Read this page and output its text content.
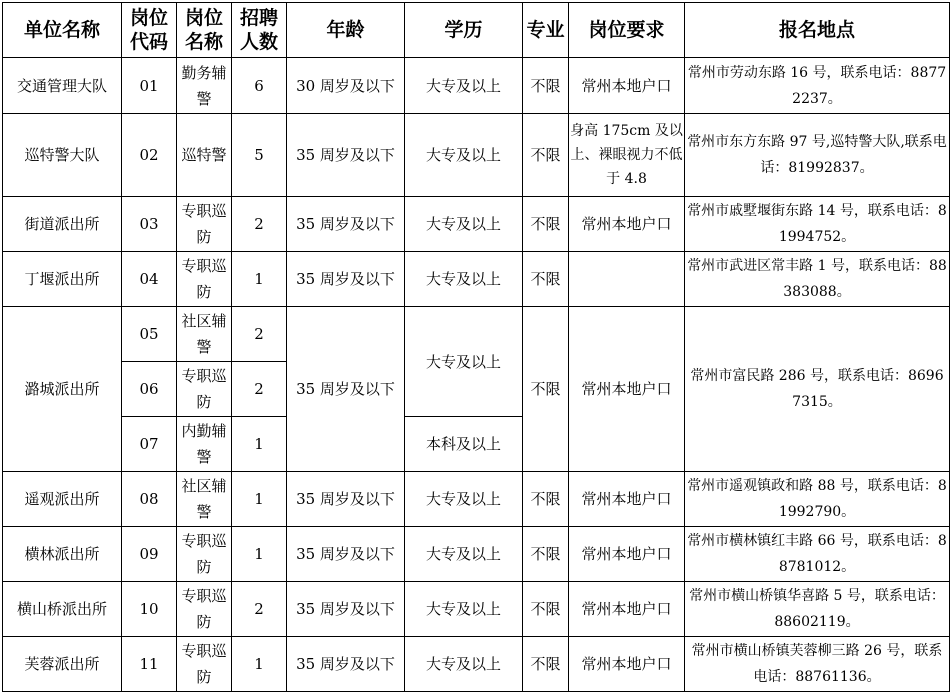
单位名称	岗位代码	岗位名称	招聘人数	年龄	学历	专业	岗位要求	报名地点
交通管理大队	01	勤务辅警	6	30 周岁及以下	大专及以上	不限	常州本地户口	常州市劳动东路 16 号，联系电话：88772237。
巡特警大队	02	巡特警	5	35 周岁及以下	大专及以上	不限	身高 175cm 及以上、裸眼视力不低于 4.8	常州市东方东路 97 号,巡特警大队,联系电话：81992837。
街道派出所	03	专职巡防	2	35 周岁及以下	大专及以上	不限	常州本地户口	常州市戚墅堰街东路 14 号，联系电话：81994752。
丁堰派出所	04	专职巡防	1	35 周岁及以下	大专及以上	不限		常州市武进区常丰路 1 号，联系电话：88383088。
潞城派出所	05	社区辅警	2	35 周岁及以下	大专及以上	不限	常州本地户口	常州市富民路 286 号，联系电话：86967315。
	06	专职巡防	2					
	07	内勤辅警	1		本科及以上			
遥观派出所	08	社区辅警	1	35 周岁及以下	大专及以上	不限	常州本地户口	常州市遥观镇政和路 88 号，联系电话：81992790。
横林派出所	09	专职巡防	1	35 周岁及以下	大专及以上	不限	常州本地户口	常州市横林镇红丰路 66 号，联系电话：88781012。
横山桥派出所	10	专职巡防	2	35 周岁及以下	大专及以上	不限	常州本地户口	常州市横山桥镇华喜路 5 号，联系电话：88602119。
芙蓉派出所	11	专职巡防	1	35 周岁及以下	大专及以上	不限	常州本地户口	常州市横山桥镇芙蓉柳三路 26 号，联系电话：88761136。
